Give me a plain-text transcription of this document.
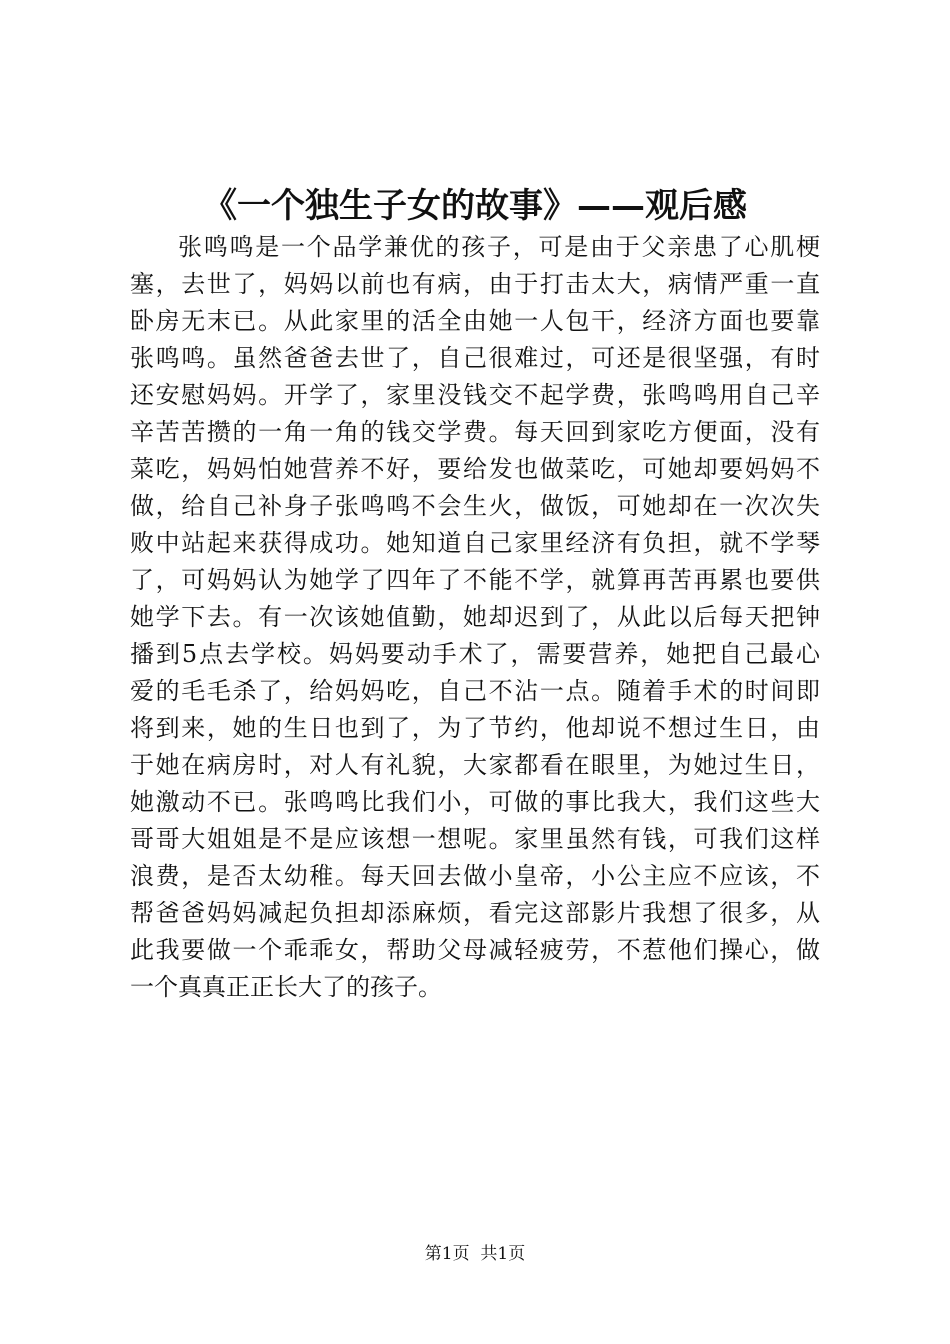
《一个独生子女的故事》——观后感
张鸣鸣是一个品学兼优的孩子，可是由于父亲患了心肌梗
塞，去世了，妈妈以前也有病，由于打击太大，病情严重一直
卧房无末已。从此家里的活全由她一人包干，经济方面也要靠
张鸣鸣。虽然爸爸去世了，自己很难过，可还是很坚强，有时
还安慰妈妈。开学了，家里没钱交不起学费，张鸣鸣用自己辛
辛苦苦攒的一角一角的钱交学费。每天回到家吃方便面，没有
菜吃，妈妈怕她营养不好，要给发也做菜吃，可她却要妈妈不
做，给自己补身子张鸣鸣不会生火，做饭，可她却在一次次失
败中站起来获得成功。她知道自己家里经济有负担，就不学琴
了，可妈妈认为她学了四年了不能不学，就算再苦再累也要供
她学下去。有一次该她值勤，她却迟到了，从此以后每天把钟
播到5点去学校。妈妈要动手术了，需要营养，她把自己最心
爱的毛毛杀了，给妈妈吃，自己不沾一点。随着手术的时间即
将到来，她的生日也到了，为了节约，他却说不想过生日，由
于她在病房时，对人有礼貌，大家都看在眼里，为她过生日，
她激动不已。张鸣鸣比我们小，可做的事比我大，我们这些大
哥哥大姐姐是不是应该想一想呢。家里虽然有钱，可我们这样
浪费，是否太幼稚。每天回去做小皇帝，小公主应不应该，不
帮爸爸妈妈减起负担却添麻烦，看完这部影片我想了很多，从
此我要做一个乖乖女，帮助父母减轻疲劳，不惹他们操心，做
一个真真正正长大了的孩子。
第1页  共1页
